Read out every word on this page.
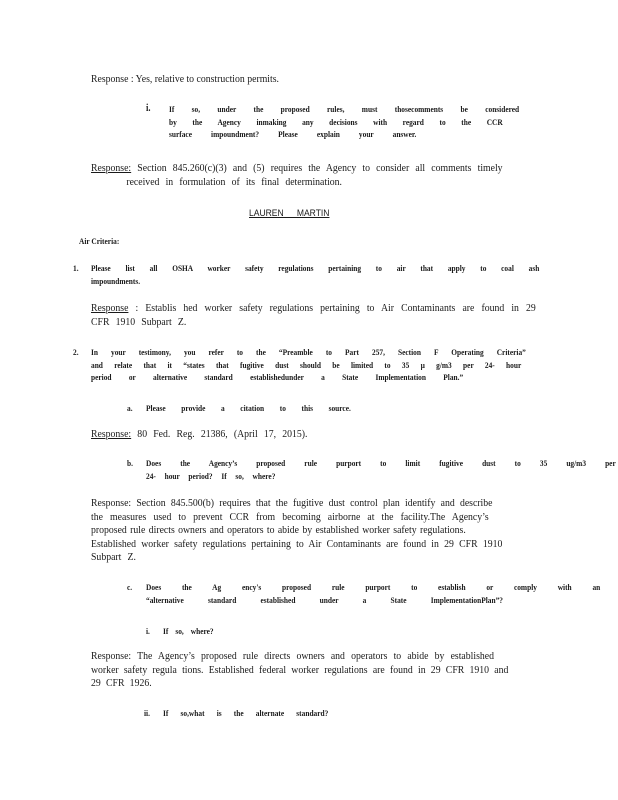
Response : Yes, relative to construction permits.
i. If so, under the proposed rules, must thosecomments be considered
by the Agency inmaking any decisions with regard to the CCR
surface impoundment? Please explain your answer.
Response: Section 845.260(c)(3) and (5) requires the Agency to consider all comments timely
received in formulation of its final determination.
LAUREN MARTIN
Air Criteria:
1. Please list all OSHA worker safety regulations pertaining to air that apply to coal ash
impoundments.
Response : Establis hed worker safety regulations pertaining to Air Contaminants are found in 29
CFR 1910 Subpart Z.
2. In your testimony, you refer to the “Preamble to Part 257, Section F Operating Criteria”
and relate that it “states that fugitive dust should be limited to 35 µ g/m3 per 24- hour
period or alternative standard establishedunder a State Implementation Plan.”
a. Please provide a citation to this source.
Response: 80 Fed. Reg. 21386, (April 17, 2015).
b. Does the Agency’s proposed rule purport to limit fugitive dust to 35 ug/m3 per
24- hour period? If so, where?
Response: Section 845.500(b) requires that the fugitive dust control plan identify and describe
the measures used to prevent CCR from becoming airborne at the facility.The Agency’s
proposed rule directs owners and operators to abide by established worker safety regulations.
Established worker safety regulations pertaining to Air Contaminants are found in 29 CFR 1910
Subpart Z.
c. Does the Ag ency's proposed rule purport to establish or comply with an
“alternative standard established under a State ImplementationPlan”?
i. If so, where?
Response: The Agency’s proposed rule directs owners and operators to abide by established
worker safety regula tions. Established federal worker regulations are found in 29 CFR 1910 and
29 CFR 1926.
ii. If so,what is the alternate standard?
